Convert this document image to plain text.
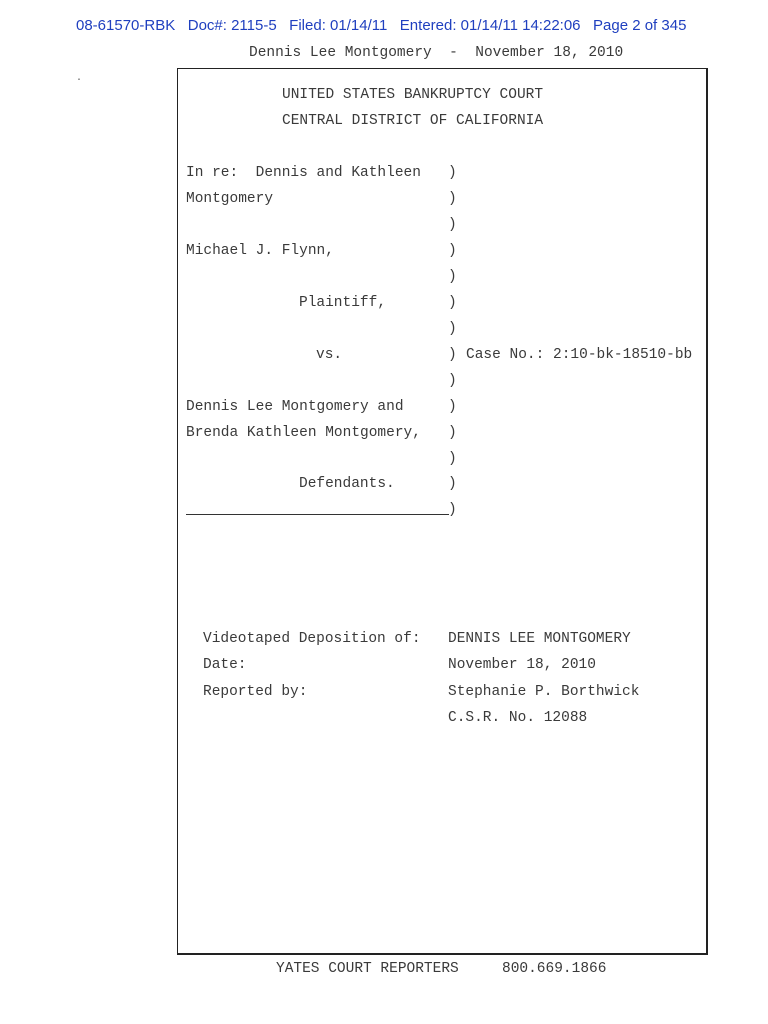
08-61570-RBK   Doc#: 2115-5   Filed: 01/14/11   Entered: 01/14/11 14:22:06   Page 2 of 345
Dennis Lee Montgomery  -  November 18, 2010
.
UNITED STATES BANKRUPTCY COURT
CENTRAL DISTRICT OF CALIFORNIA
In re:  Dennis and Kathleen
Montgomery
Michael J. Flynn,
Plaintiff,
vs.	Case No.: 2:10-bk-18510-bb
Dennis Lee Montgomery and
Brenda Kathleen Montgomery,
Defendants.
)
)
)
)
)
)
)
)
)
)
)
)
)
)
Videotaped Deposition of: DENNIS LEE MONTGOMERY
Date:	November 18, 2010
Reported by:	Stephanie P. Borthwick
C.S.R. No. 12088
YATES COURT REPORTERS	800.669.1866
